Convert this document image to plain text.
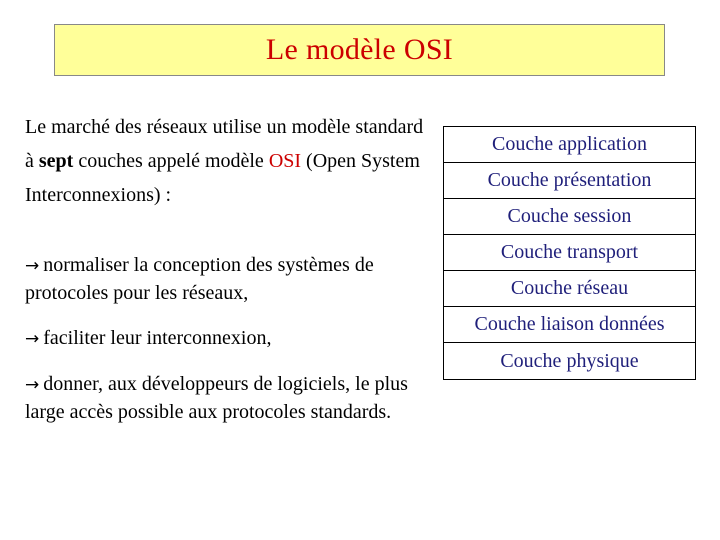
Le modèle OSI
Le marché des réseaux utilise un modèle standard à sept couches appelé modèle OSI (Open System Interconnexions) :
→ normaliser la conception des systèmes de protocoles pour les réseaux,
→ faciliter leur interconnexion,
→ donner, aux développeurs de logiciels, le plus large accès possible aux protocoles standards.
Couche application
Couche présentation
Couche session
Couche transport
Couche réseau
Couche liaison données
Couche physique
